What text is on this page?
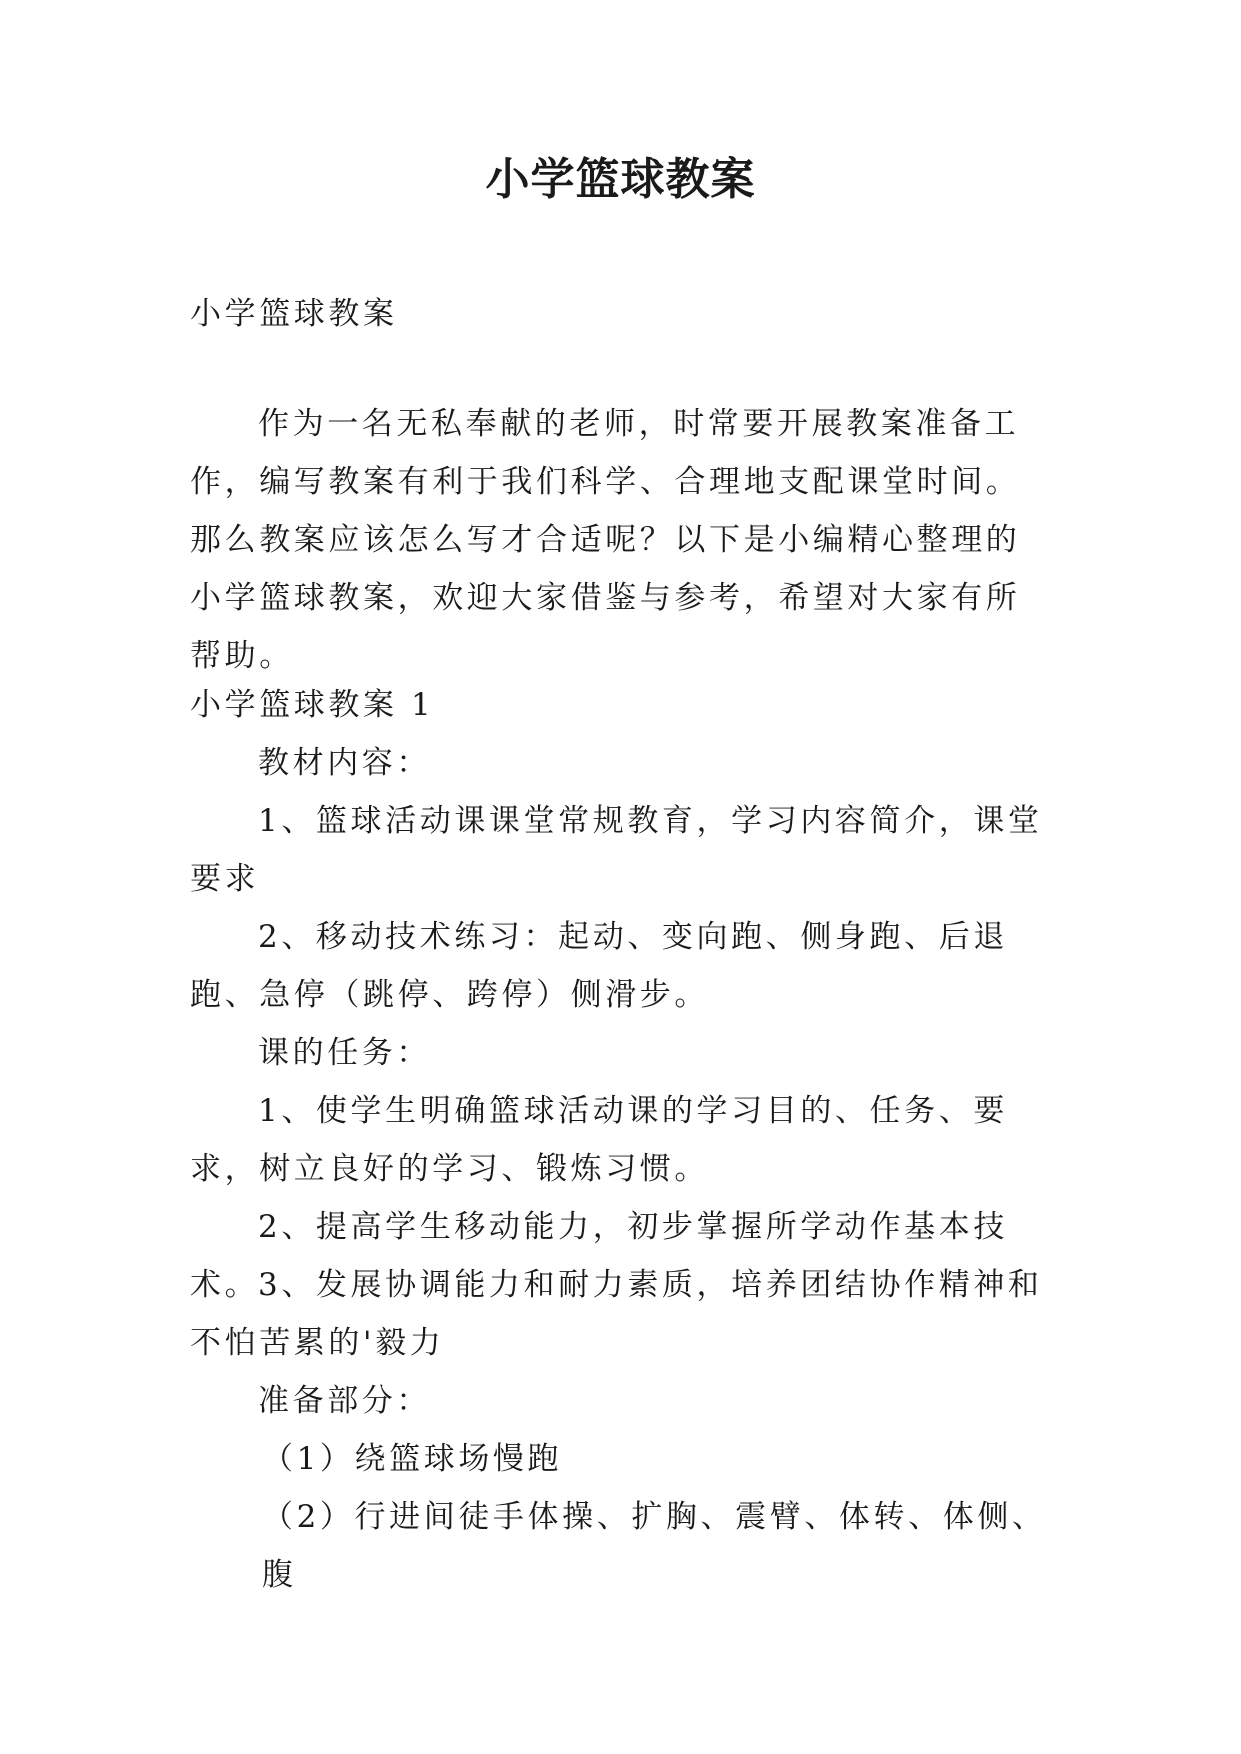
小学篮球教案

小学篮球教案

作为一名无私奉献的老师，时常要开展教案准备工作，编写教案有利于我们科学、合理地支配课堂时间。那么教案应该怎么写才合适呢？以下是小编精心整理的小学篮球教案，欢迎大家借鉴与参考，希望对大家有所帮助。

小学篮球教案 1

教材内容：

1、篮球活动课课堂常规教育，学习内容简介，课堂要求

2、移动技术练习：起动、变向跑、侧身跑、后退跑、急停（跳停、跨停）侧滑步。

课的任务：

1、使学生明确篮球活动课的学习目的、任务、要求，树立良好的学习、锻炼习惯。

2、提高学生移动能力，初步掌握所学动作基本技术。

3、发展协调能力和耐力素质，培养团结协作精神和不怕苦累的'毅力

准备部分：

（1）绕篮球场慢跑

（2）行进间徒手体操、扩胸、震臂、体转、体侧、腹
